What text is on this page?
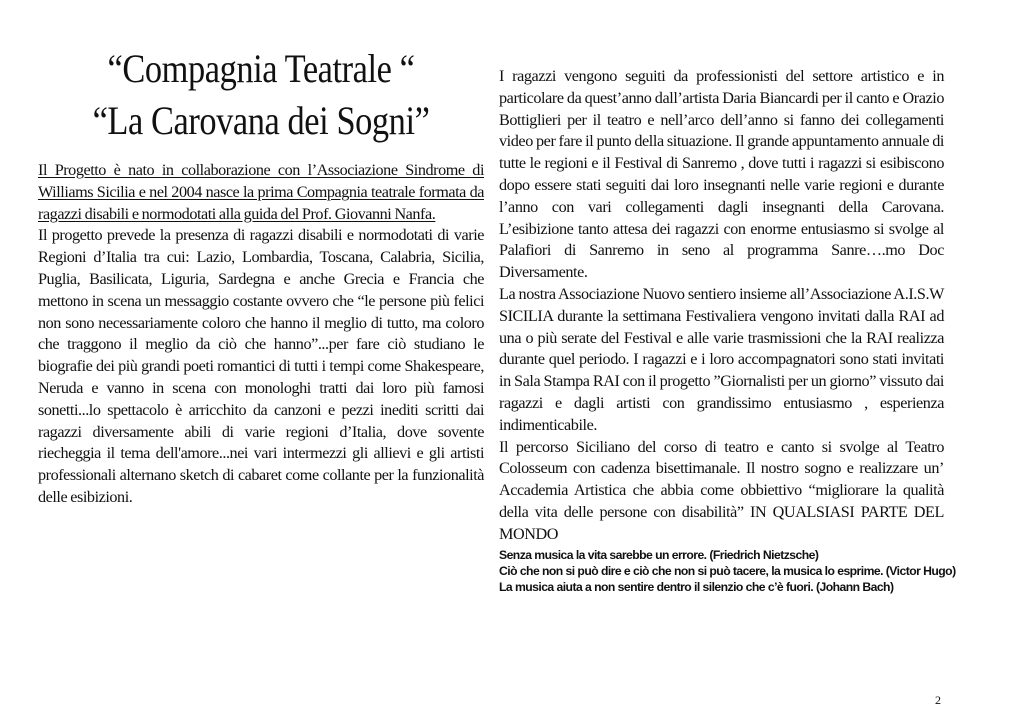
“Compagnia Teatrale “
“La Carovana dei Sogni”

Il Progetto è nato in collaborazione con l’Associazione Sindrome di Williams Sicilia e nel 2004 nasce la prima Compagnia teatrale formata da ragazzi disabili e normodotati alla guida del Prof. Giovanni Nanfa.

Il progetto prevede la presenza di ragazzi disabili e normodotati di varie Regioni d’Italia tra cui: Lazio, Lombardia, Toscana, Calabria, Sicilia, Puglia, Basilicata, Liguria, Sardegna e anche Grecia e Francia che mettono in scena un messaggio costante ovvero che “le persone più felici non sono necessariamente coloro che hanno il meglio di tutto, ma coloro che traggono il meglio da ciò che hanno”...per fare ciò studiano le biografie dei più grandi poeti romantici di tutti i tempi come Shakespeare, Neruda e vanno in scena con monologhi tratti dai loro più famosi sonetti...lo spettacolo è arricchito da canzoni e pezzi inediti scritti dai ragazzi diversamente abili di varie regioni d’Italia, dove sovente riecheggia il tema dell'amore...nei vari intermezzi gli allievi e gli artisti professionali alternano sketch di cabaret come collante per la funzionalità delle esibizioni.

I ragazzi vengono seguiti da professionisti del settore artistico e in particolare da quest’anno dall’artista Daria Biancardi per il canto e Orazio Bottiglieri per il teatro e nell’arco dell’anno si fanno dei collegamenti video per fare il punto della situazione. Il grande appuntamento annuale di tutte le regioni e il Festival di Sanremo , dove tutti i ragazzi si esibiscono dopo essere stati seguiti dai loro insegnanti nelle varie regioni e durante l’anno con vari collegamenti dagli insegnanti della Carovana. L’esibizione tanto attesa dei ragazzi con enorme entusiasmo si svolge al Palafiori di Sanremo in seno al programma Sanre….mo Doc Diversamente.

La nostra Associazione Nuovo sentiero insieme all’Associazione A.I.S.W SICILIA durante la settimana Festivaliera vengono invitati dalla RAI ad una o più serate del Festival e alle varie trasmissioni che la RAI realizza durante quel periodo. I ragazzi e i loro accompagnatori sono stati invitati in Sala Stampa RAI con il progetto ”Giornalisti per un giorno” vissuto dai ragazzi e dagli artisti con grandissimo entusiasmo , esperienza indimenticabile.

Il percorso Siciliano del corso di teatro e canto si svolge al Teatro Colosseum con cadenza bisettimanale. Il nostro sogno e realizzare un’ Accademia Artistica che abbia come obbiettivo “migliorare la qualità della vita delle persone con disabilità” IN QUALSIASI PARTE DEL MONDO

Senza musica la vita sarebbe un errore. (Friedrich Nietzsche)

Ciò che non si può dire e ciò che non si può tacere, la musica lo esprime. (Victor Hugo)

La musica aiuta a non sentire dentro il silenzio che c’è fuori. (Johann Bach)

2
